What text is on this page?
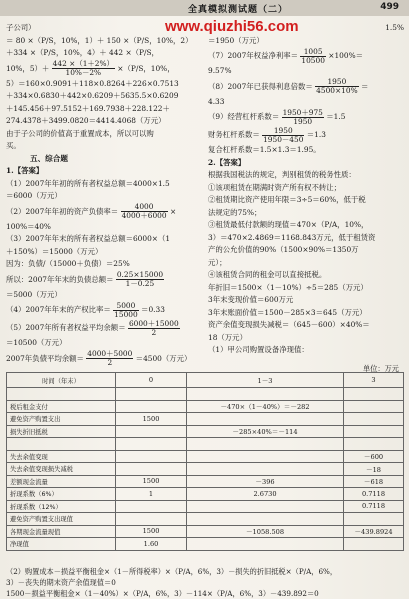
全真模拟测试题（二）	499
www.qiuzhi56.com
子公司）
＝ 80 ×（P/S，10%，1）＋ 150 ×（P/S，10%，2）
＋334 ×（P/S，10%，4）＋ 442 ×（P/S，
10%，$5)+ \frac{442 \times(1+2\%)}{10\%-2\%} \times(P/S$，10%，
5）＝160×0.9091＋118×0.8264＋226×0.7513
＋334×0.6830＋442×0.6209＋5635.5×0.6209
＋145.456＋97.5152＋169.7938＋228.122＋
274.4378＋3499.0820＝4414.4068（万元）
由于子公司的价值高于重置成本，所以可以购
买。
五、综合题
1.【答案】
（1）2007年年初的所有者权益总额＝4000×1.5
＝6000（万元）
（2）2007年年初的资产负债率＝ $\frac{4000}{4000+6000}$ ×
100%＝40%
（3）2007年年末的所有者权益总额＝6000×（1
＋150%）＝15000（万元）
因为：负债/（15000＋负债）＝25%
所以：2007年年末的负债总额＝ $\frac{0.25\times 15000}{1-0.25}$
＝5000（万元）
（4）2007年年末的产权比率＝ $\frac{5000}{15000} =0.33$
（5）2007年所有者权益平均余额＝ $\frac{6000+15000}{2}$
＝10500（万元）
2007年负债平均余额＝ $\frac{4000+5000}{2} =4500$（万元）
1.5%
＝1950（万元）
（7）2007年权益净利率＝ $\frac{1005}{10500} \times 100\%=$
9.57%
（8）2007年已获得利息倍数＝ $\frac{1950}{4500\times 10\%}$ ＝
4.33
（9）经营杠杆系数＝ $\frac{1950+975}{1950} =1.5$
财务杠杆系数＝ $\frac{1950}{1950-450} =1.3$
复合杠杆系数＝1.5×1.3＝1.95。
2.【答案】
根据我国税法的规定，判别租赁的税务性质：
①该项租赁在期满时资产所有权不转让；
②租赁期比资产使用年限＝3÷5＝60%，低于税
法规定的75%；
③租赁最低付款额的现值＝470×（P/A，10%，
3）＝470×2.4869＝1168.843万元，低于租赁资
产的公允价值的90%（1500×90%＝1350万
元）；
④该租赁合同的租金可以直接抵税。
年折旧＝1500×（1－10%）÷5＝285（万元）
3年末变现价值＝600万元
3年末账面价值＝1500－285×3＝645（万元）
资产余值变现损失减税＝（645－600）×40%＝
18（万元）
（1）甲公司购置设备净现值：
单位：万元
时间（年末）	0	1－3	3

税后租金支付		－470×（1－40%）＝－282	
避免资产购置支出	1500		
损失折旧抵税		－285×40%＝－114	

失去余值变现			－600
失去余值变现损失减税			－18
差额现金流量	1500	－396	－618
折现系数（6%）	1	2.6730	0.7118
折现系数（12%）			0.7118
避免资产购置支出现值			
各期现金流量现值	1500	－1058.508	－439.8924
净现值	1.60		
（2）购置成本－损益平衡租金×（1－所得税率）×（P/A，6%，3）－损失的折旧抵税×（P/A，6%，
3）－丧失的期末资产余值现值＝0
1500－损益平衡租金×（1－40%）×（P/A，6%，3）－114×（P/A，6%，3）－439.892＝0
